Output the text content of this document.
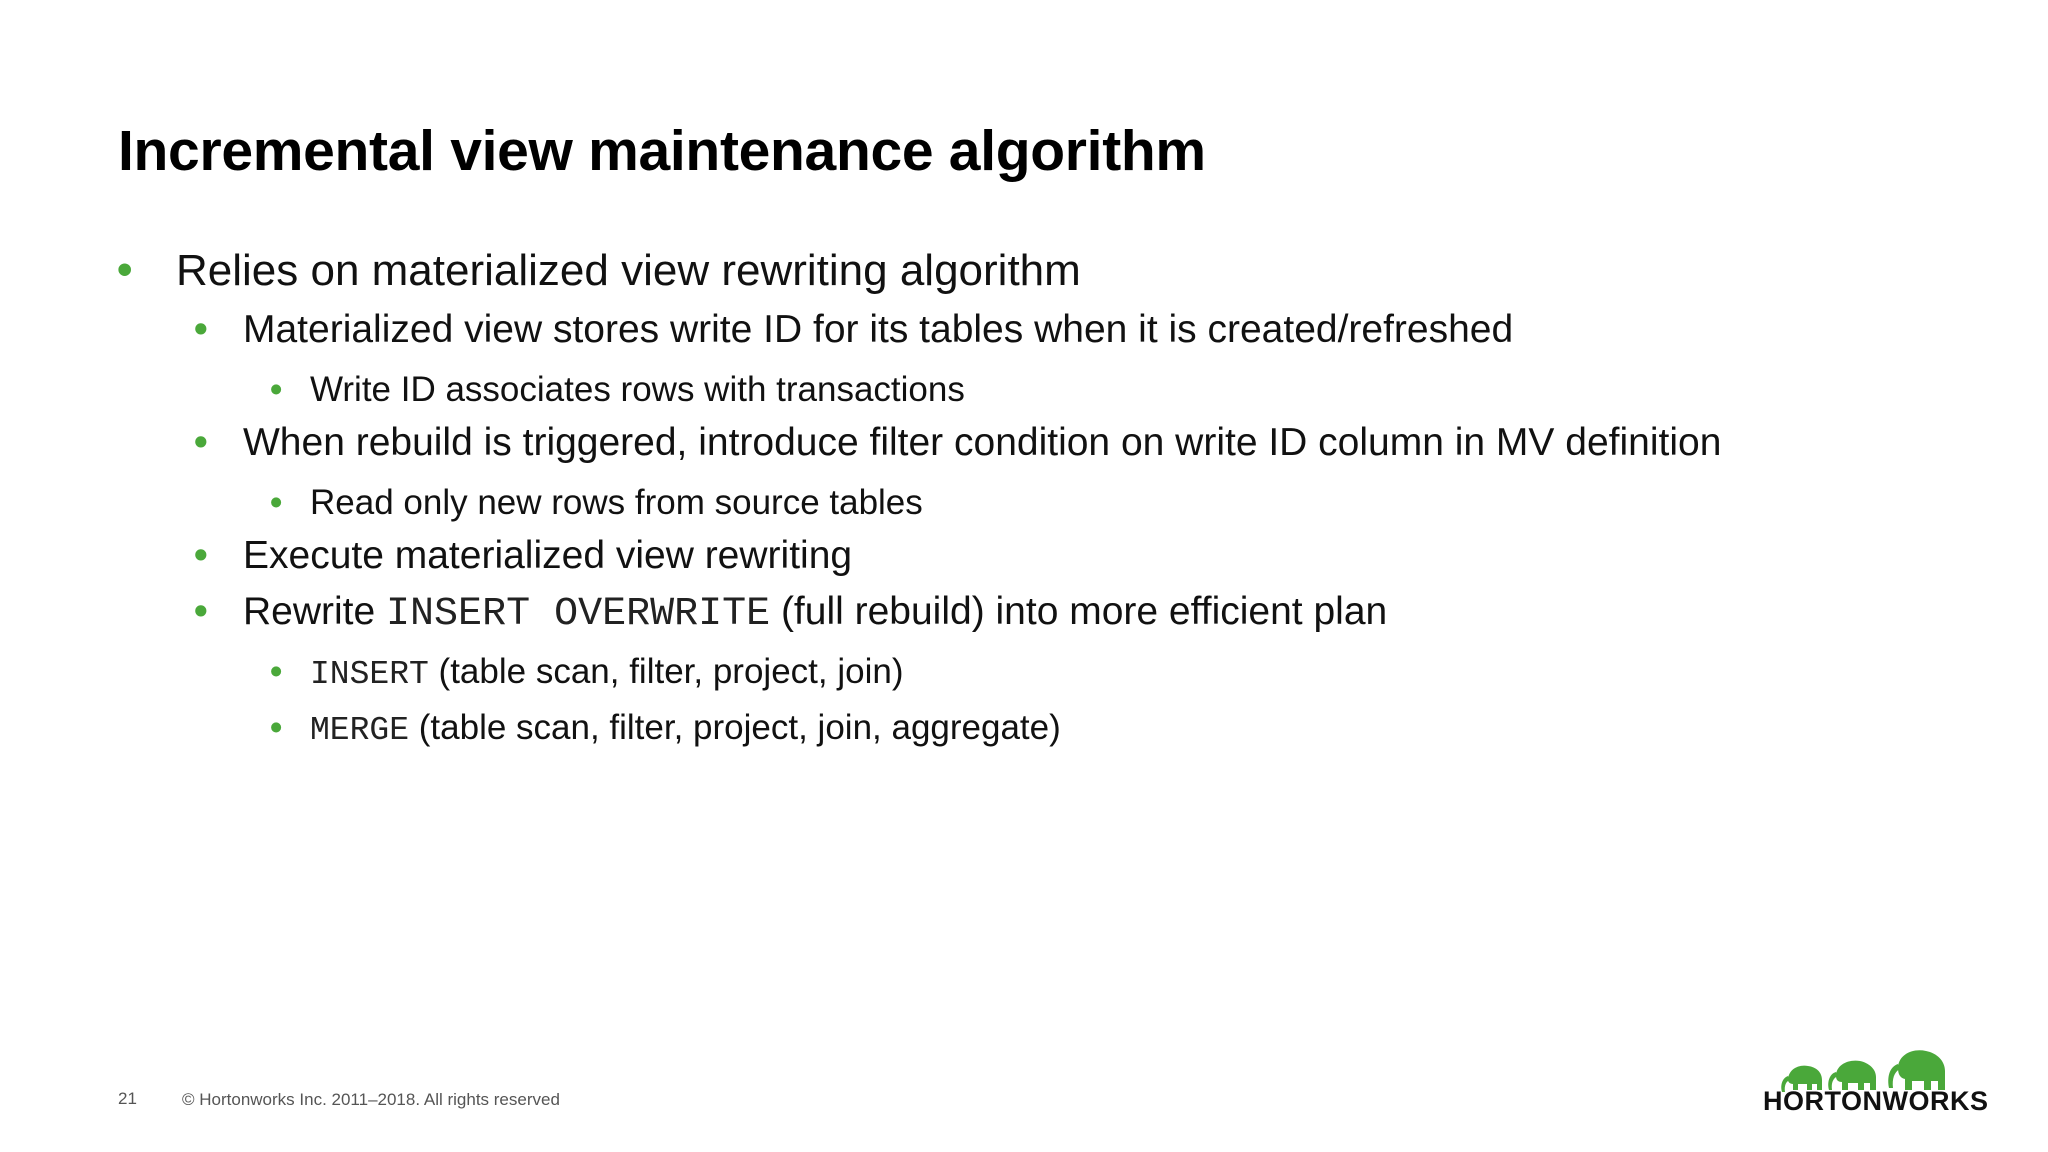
Incremental view maintenance algorithm
• Relies on materialized view rewriting algorithm
• Materialized view stores write ID for its tables when it is created/refreshed
• Write ID associates rows with transactions
• When rebuild is triggered, introduce filter condition on write ID column in MV definition
• Read only new rows from source tables
• Execute materialized view rewriting
• Rewrite INSERT OVERWRITE (full rebuild) into more efficient plan
• INSERT (table scan, filter, project, join)
• MERGE (table scan, filter, project, join, aggregate)
21	© Hortonworks Inc. 2011–2018. All rights reserved	HORTONWORKS
